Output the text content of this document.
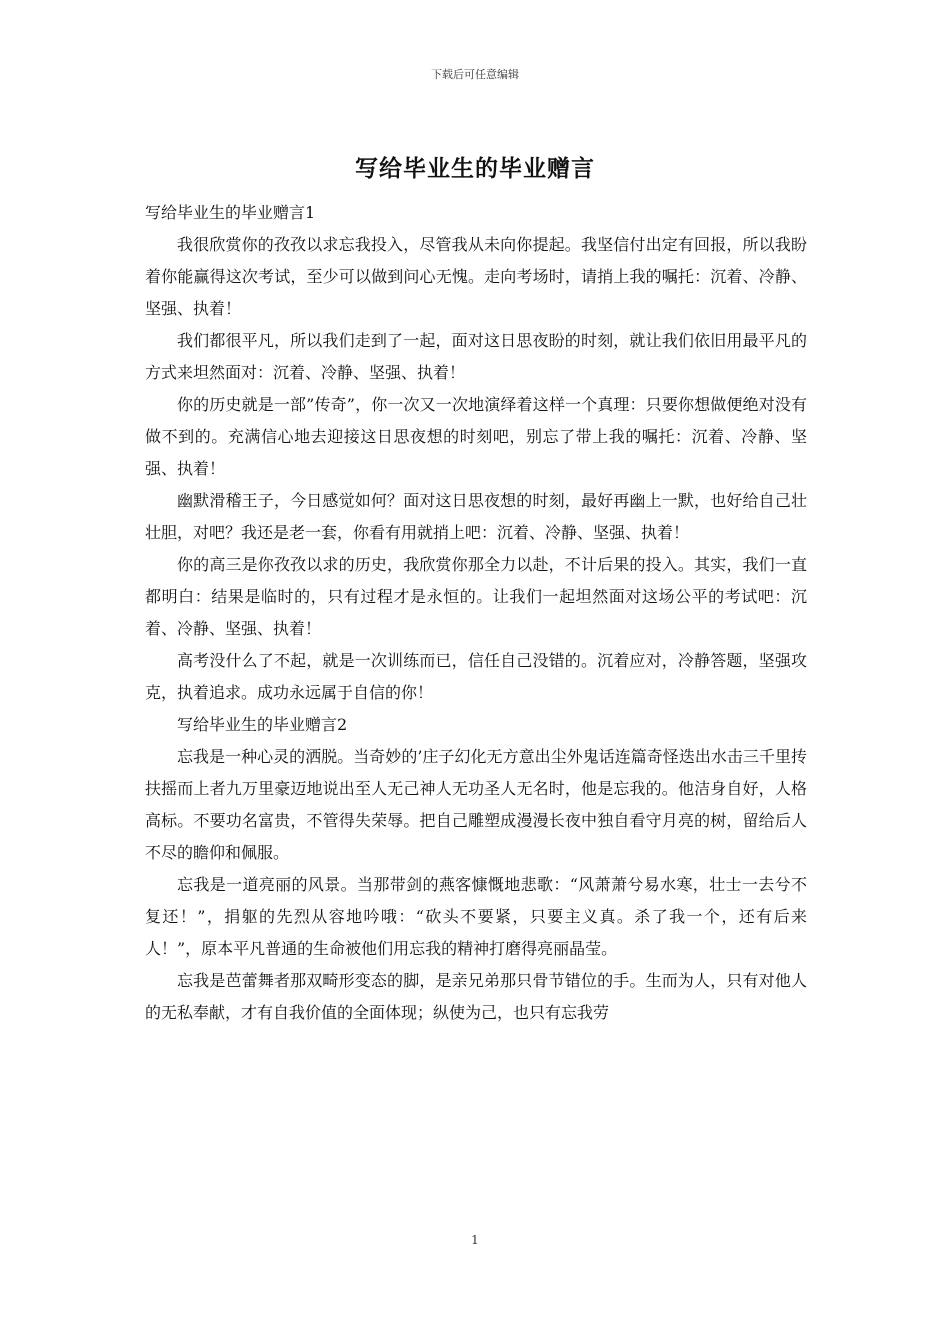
下载后可任意编辑
写给毕业生的毕业赠言

写给毕业生的毕业赠言1

我很欣赏你的孜孜以求忘我投入，尽管我从未向你提起。我坚信付出定有回报，所以我盼着你能赢得这次考试，至少可以做到问心无愧。走向考场时，请捎上我的嘱托：沉着、冷静、坚强、执着！

我们都很平凡，所以我们走到了一起，面对这日思夜盼的时刻，就让我们依旧用最平凡的方式来坦然面对：沉着、冷静、坚强、执着！

你的历史就是一部”传奇”，你一次又一次地演绎着这样一个真理：只要你想做便绝对没有做不到的。充满信心地去迎接这日思夜想的时刻吧，别忘了带上我的嘱托：沉着、冷静、坚强、执着！

幽默滑稽王子，今日感觉如何？面对这日思夜想的时刻，最好再幽上一默，也好给自己壮壮胆，对吧？我还是老一套，你看有用就捎上吧：沉着、冷静、坚强、执着！

你的高三是你孜孜以求的历史，我欣赏你那全力以赴，不计后果的投入。其实，我们一直都明白：结果是临时的，只有过程才是永恒的。让我们一起坦然面对这场公平的考试吧：沉着、冷静、坚强、执着！

高考没什么了不起，就是一次训练而已，信任自己没错的。沉着应对，冷静答题，坚强攻克，执着追求。成功永远属于自信的你！

写给毕业生的毕业赠言2

忘我是一种心灵的洒脱。当奇妙的’庄子幻化无方意出尘外鬼话连篇奇怪迭出水击三千里抟扶摇而上者九万里豪迈地说出至人无己神人无功圣人无名时，他是忘我的。他洁身自好，人格高标。不要功名富贵，不管得失荣辱。把自己雕塑成漫漫长夜中独自看守月亮的树，留给后人不尽的瞻仰和佩服。

忘我是一道亮丽的风景。当那带剑的燕客慷慨地悲歌：“风萧萧兮易水寒，壮士一去兮不复还！”，捐躯的先烈从容地吟哦：“砍头不要紧，只要主义真。杀了我一个，还有后来人！”，原本平凡普通的生命被他们用忘我的精神打磨得亮丽晶莹。

忘我是芭蕾舞者那双畸形变态的脚，是亲兄弟那只骨节错位的手。生而为人，只有对他人的无私奉献，才有自我价值的全面体现；纵使为己，也只有忘我劳

1
